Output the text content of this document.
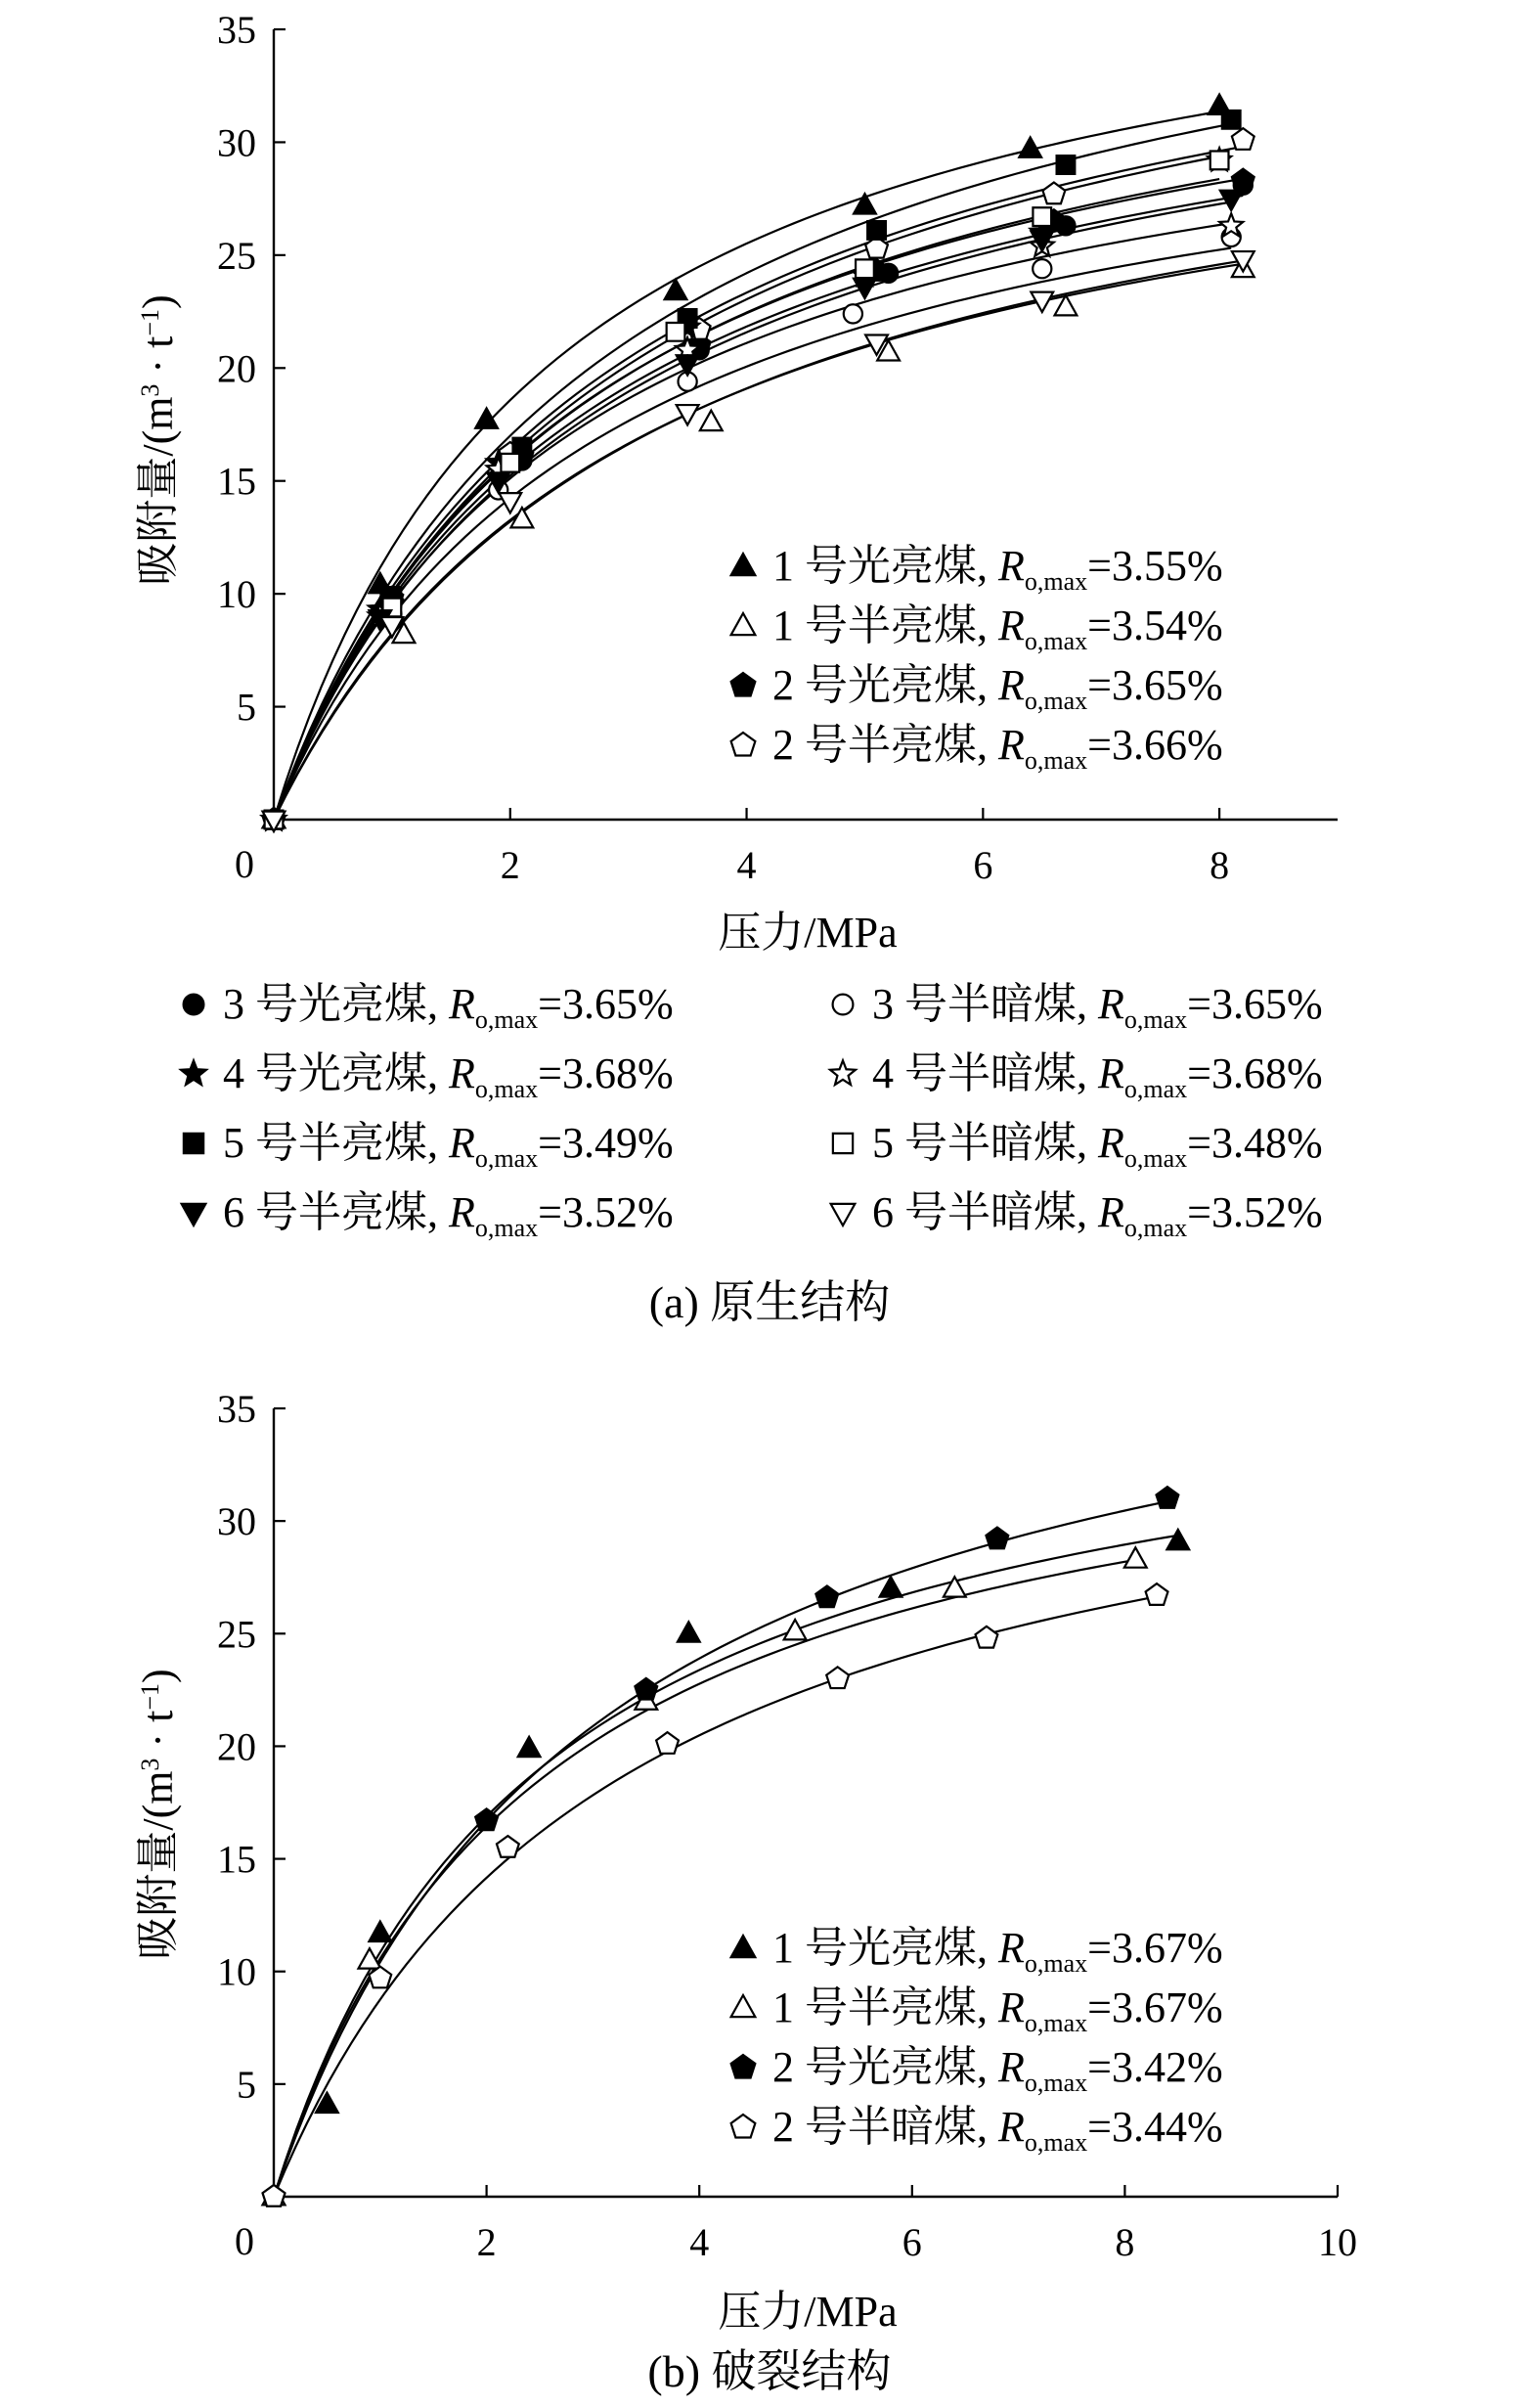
2	4	6	8
5
10
15
20
25
30
35
0
压力/MPa
吸附量$/(m^3 \cdot t^{-1})$
1 号光亮煤, $R_{o,max}=3.55\%$
1 号半亮煤, $R_{o,max}=3.54\%$
2 号光亮煤, $R_{o,max}=3.65\%$
2 号半亮煤, $R_{o,max}=3.66\%$
3 号光亮煤, $R_{o,max}=3.65\%$	3 号半暗煤, $R_{o,max}=3.65\%$
4 号光亮煤, $R_{o,max}=3.68\%$	4 号半暗煤, $R_{o,max}=3.68\%$
5 号半亮煤, $R_{o,max}=3.49\%$	5 号半暗煤, $R_{o,max}=3.48\%$
6 号半亮煤, $R_{o,max}=3.52\%$	6 号半暗煤, $R_{o,max}=3.52\%$
(a) 原生结构
2	4	6	8	10
5
10
15
20
25
30
35
0
压力/MPa
吸附量$/(m^3 \cdot t^{-1})$
1 号光亮煤, $R_{o,max}=3.67\%$
1 号半亮煤, $R_{o,max}=3.67\%$
2 号光亮煤, $R_{o,max}=3.42\%$
2 号半暗煤, $R_{o,max}=3.44\%$
(b) 破裂结构
